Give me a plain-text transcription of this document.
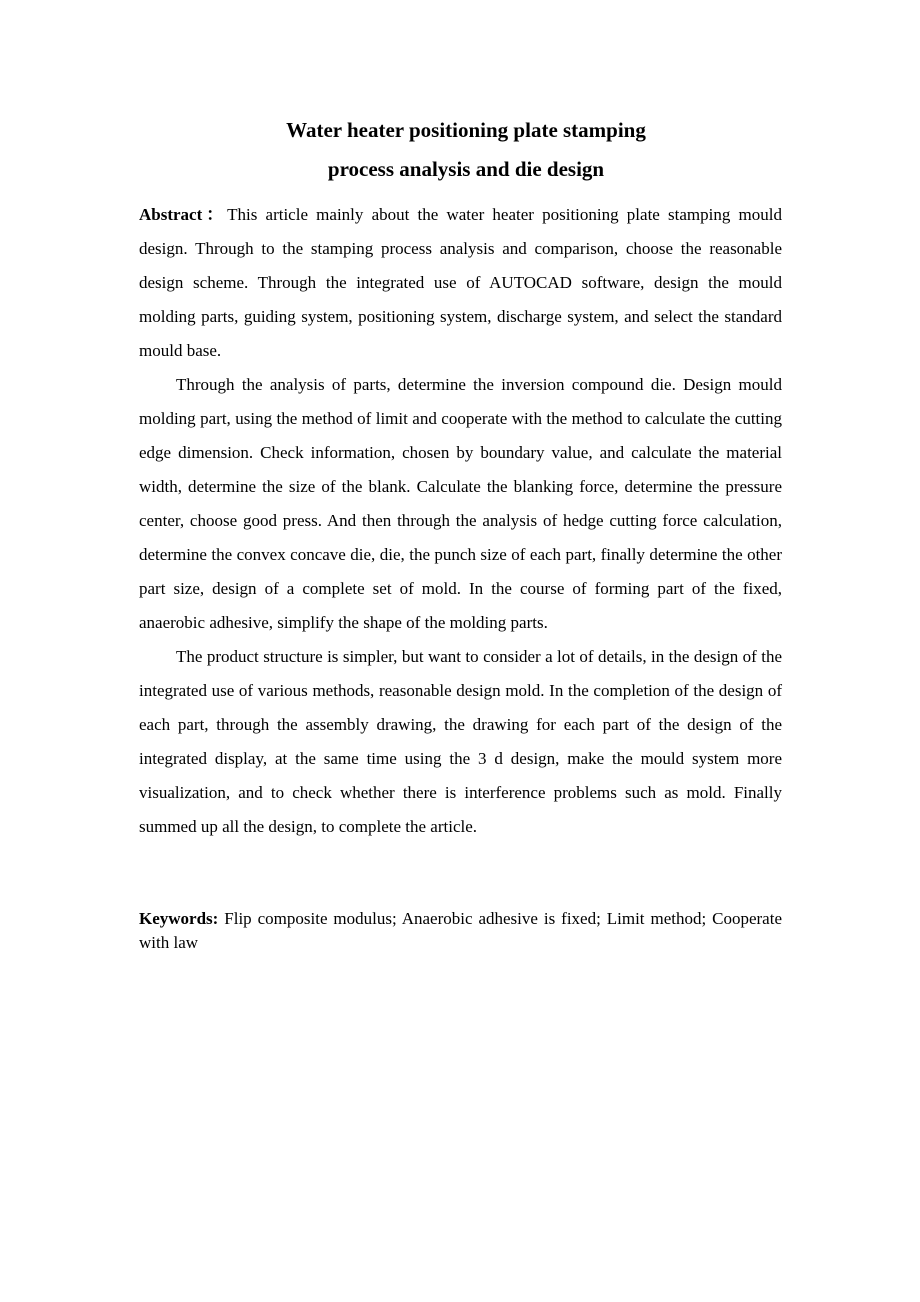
Water heater positioning plate stamping
process analysis and die design

Abstract：This article mainly about the water heater positioning plate stamping mould design. Through to the stamping process analysis and comparison, choose the reasonable design scheme. Through the integrated use of AUTOCAD software, design the mould molding parts, guiding system, positioning system, discharge system, and select the standard mould base.

Through the analysis of parts, determine the inversion compound die. Design mould molding part, using the method of limit and cooperate with the method to calculate the cutting edge dimension. Check information, chosen by boundary value, and calculate the material width, determine the size of the blank. Calculate the blanking force, determine the pressure center, choose good press. And then through the analysis of hedge cutting force calculation, determine the convex concave die, die, the punch size of each part, finally determine the other part size, design of a complete set of mold. In the course of forming part of the fixed, anaerobic adhesive, simplify the shape of the molding parts.

The product structure is simpler, but want to consider a lot of details, in the design of the integrated use of various methods, reasonable design mold. In the completion of the design of each part, through the assembly drawing, the drawing for each part of the design of the integrated display, at the same time using the 3 d design, make the mould system more visualization, and to check whether there is interference problems such as mold. Finally summed up all the design, to complete the article.

Keywords: Flip composite modulus; Anaerobic adhesive is fixed; Limit method; Cooperate with law
